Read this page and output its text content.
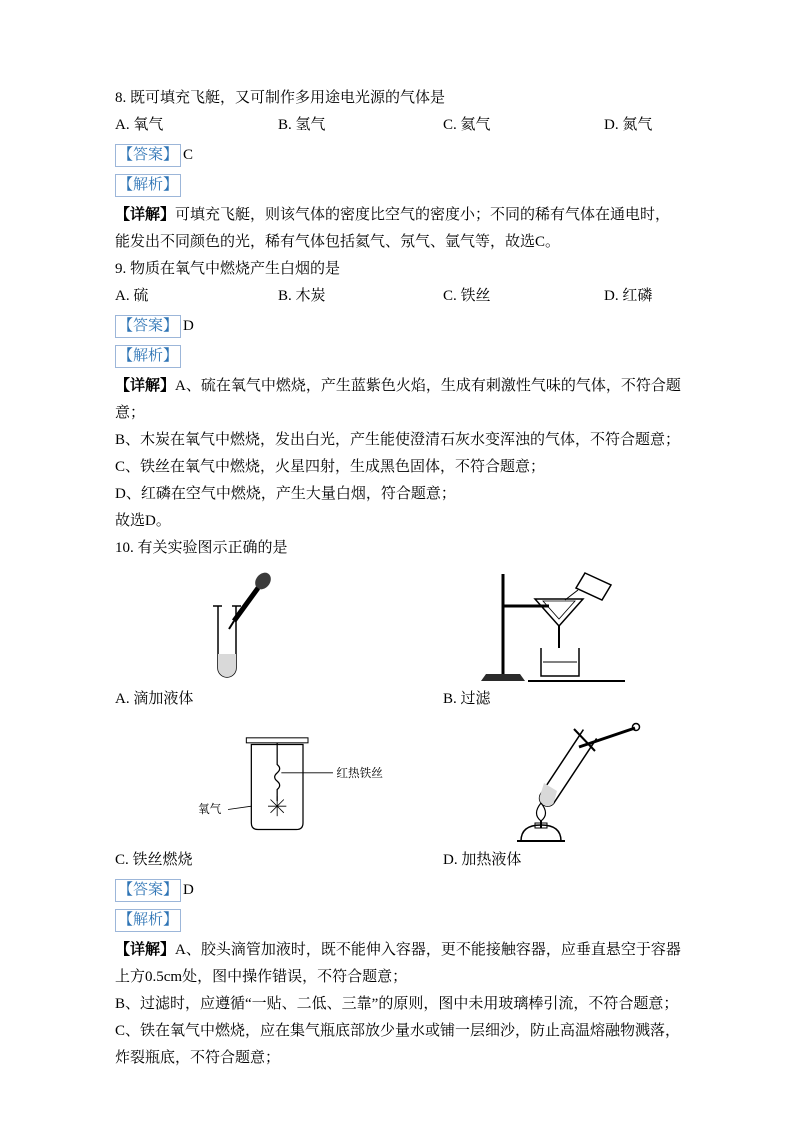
8. 既可填充飞艇，又可制作多用途电光源的气体是

A. 氧气	B. 氢气	C. 氦气	D. 氮气

【答案】 C

【解析】

【详解】可填充飞艇，则该气体的密度比空气的密度小；不同的稀有气体在通电时，能发出不同颜色的光，稀有气体包括氦气、氖气、氩气等，故选C。

9. 物质在氧气中燃烧产生白烟的是

A. 硫	B. 木炭	C. 铁丝	D. 红磷

【答案】 D

【解析】

【详解】A、硫在氧气中燃烧，产生蓝紫色火焰，生成有刺激性气味的气体，不符合题意；

B、木炭在氧气中燃烧，发出白光，产生能使澄清石灰水变浑浊的气体，不符合题意；

C、铁丝在氧气中燃烧，火星四射，生成黑色固体，不符合题意；

D、红磷在空气中燃烧，产生大量白烟，符合题意；

故选D。

10. 有关实验图示正确的是

A. 滴加液体	B. 过滤

红热铁丝
氧气

C. 铁丝燃烧	D. 加热液体

【答案】 D

【解析】

【详解】A、胶头滴管加液时，既不能伸入容器，更不能接触容器，应垂直悬空于容器上方0.5cm处，图中操作错误，不符合题意；

B、过滤时，应遵循“一贴、二低、三靠”的原则，图中未用玻璃棒引流，不符合题意；

C、铁在氧气中燃烧，应在集气瓶底部放少量水或铺一层细沙，防止高温熔融物溅落，炸裂瓶底，不符合题意；
